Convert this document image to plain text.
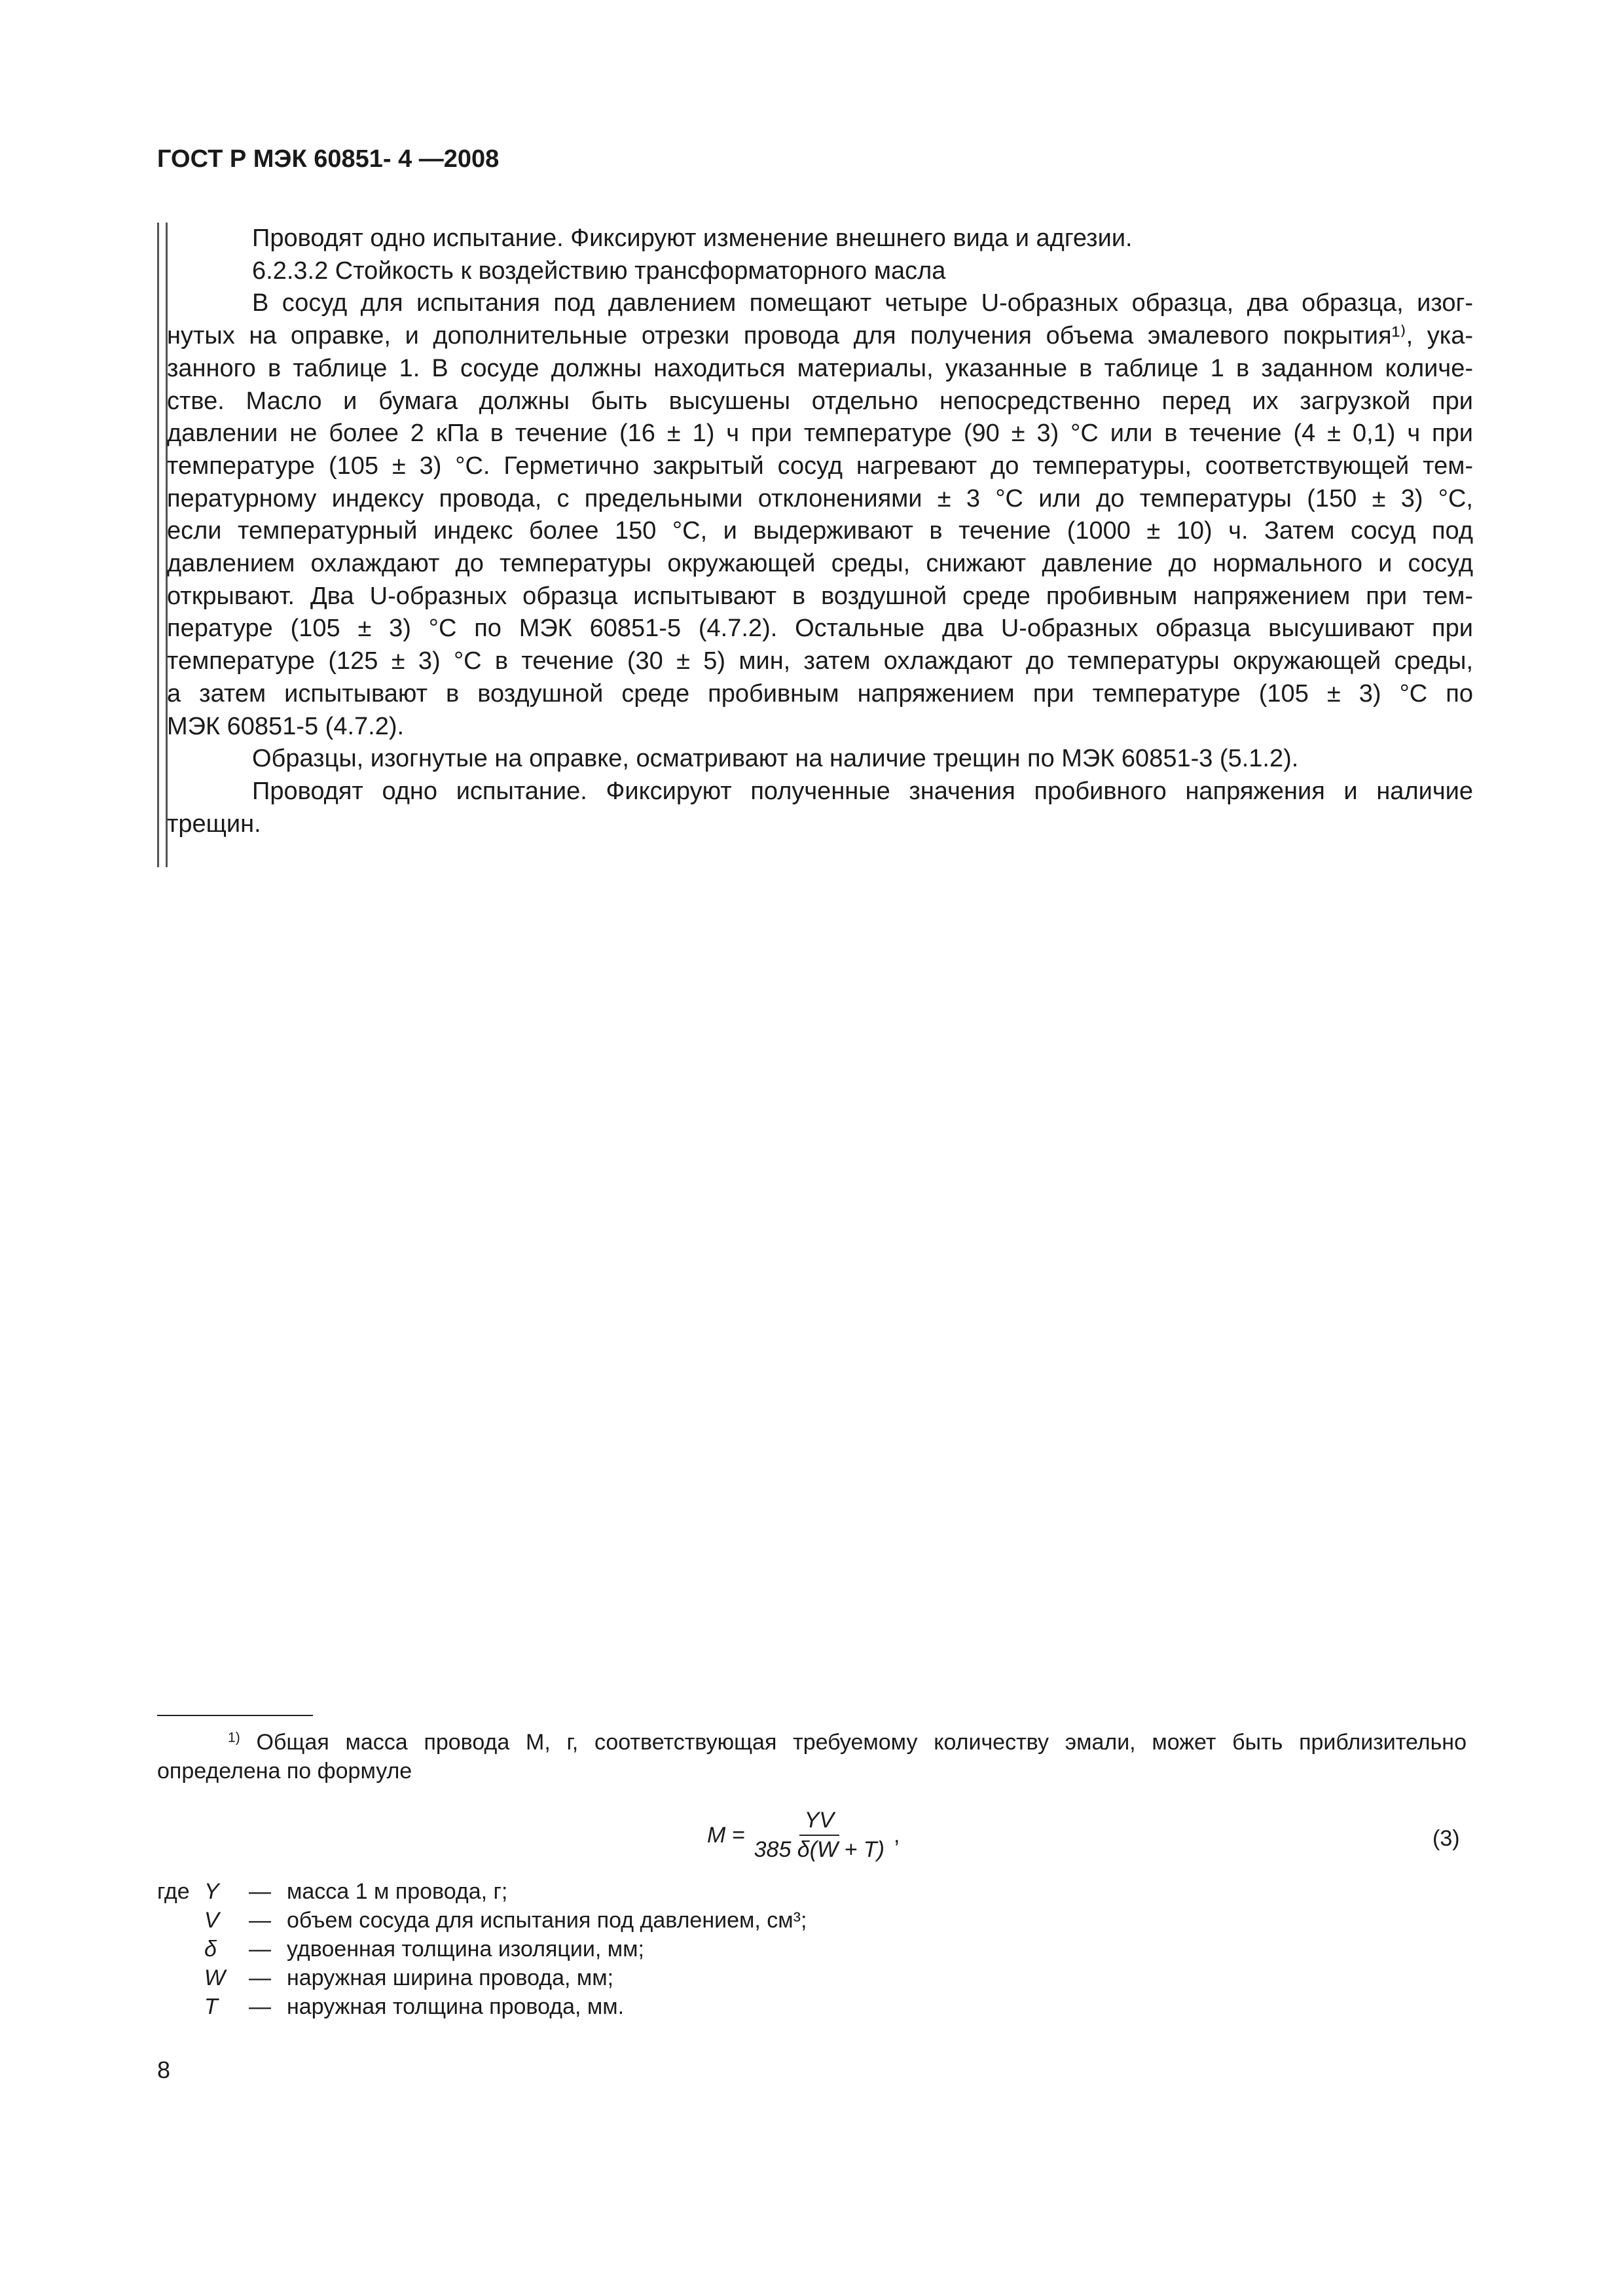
ГОСТ Р МЭК 60851- 4 —2008
Проводят одно испытание. Фиксируют изменение внешнего вида и адгезии.
6.2.3.2 Стойкость к воздействию трансформаторного масла
В сосуд для испытания под давлением помещают четыре U-образных образца, два образца, изог-
нутых на оправке, и дополнительные отрезки провода для получения объема эмалевого покрытия¹⁾, ука-
занного в таблице 1. В сосуде должны находиться материалы, указанные в таблице 1 в заданном количе-
стве. Масло и бумага должны быть высушены отдельно непосредственно перед их загрузкой при
давлении не более 2 кПа в течение (16 ± 1) ч при температуре (90 ± 3) °С или в течение (4 ± 0,1) ч при
температуре (105 ± 3) °С. Герметично закрытый сосуд нагревают до температуры, соответствующей тем-
пературному индексу провода, с предельными отклонениями ± 3 °С или до температуры (150 ± 3) °С,
если температурный индекс более 150 °С, и выдерживают в течение (1000 ± 10) ч. Затем сосуд под
давлением охлаждают до температуры окружающей среды, снижают давление до нормального и сосуд
открывают. Два U-образных образца испытывают в воздушной среде пробивным напряжением при тем-
пературе (105 ± 3) °С по МЭК 60851-5 (4.7.2). Остальные два U-образных образца высушивают при
температуре (125 ± 3) °С в течение (30 ± 5) мин, затем охлаждают до температуры окружающей среды,
а затем испытывают в воздушной среде пробивным напряжением при температуре (105 ± 3) °С по
МЭК 60851-5 (4.7.2).
Образцы, изогнутые на оправке, осматривают на наличие трещин по МЭК 60851-3 (5.1.2).
Проводят одно испытание. Фиксируют полученные значения пробивного напряжения и наличие
трещин.
$^{1)}$ Общая масса провода М, г, соответствующая требуемому количеству эмали, может быть приблизительно
определена по формуле
$M = \frac{YV}{385 \delta(W + T)}$ ,	(3)
где Y	— масса 1 м провода, г;
V	— объем сосуда для испытания под давлением, см³;
δ	— удвоенная толщина изоляции, мм;
W	— наружная ширина провода, мм;
T	— наружная толщина провода, мм.
8
